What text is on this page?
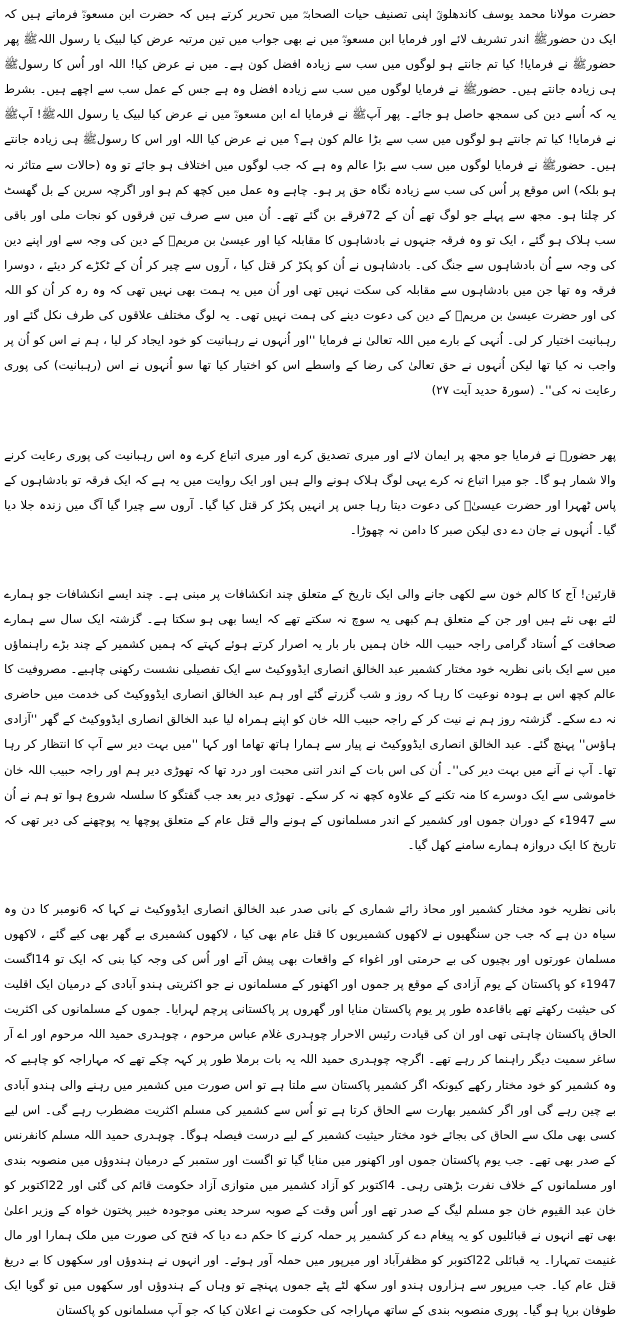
حضرت مولانا محمد یوسف کاندھلویؒ اپنی تصنیف حیات الصحابہؓ میں تحریر کرتے ہیں کہ حضرت ابن مسعودؓ فرماتے ہیں کہ ایک دن حضورﷺ اندر تشریف لائے اور فرمایا ابن مسعودؓ میں نے بھی جواب میں تین مرتبہ عرض کیا لبیک یا رسول اللہﷺ پھر حضورﷺ نے فرمایا! کیا تم جانتے ہو لوگوں میں سب سے زیادہ افضل کون ہے۔ میں نے عرض کیا! اللہ اور اُس کا رسولﷺ ہی زیادہ جانتے ہیں۔ حضورﷺ نے فرمایا لوگوں میں سب سے زیادہ افضل وہ ہے جس کے عمل سب سے اچھے ہیں۔ بشرط یہ کہ اُسے دین کی سمجھ حاصل ہو جائے۔ پھر آپﷺ نے فرمایا اے ابن مسعودؓ میں نے عرض کیا لبیک یا رسول اللہﷺ! آپﷺ نے فرمایا! کیا تم جانتے ہو لوگوں میں سب سے بڑا عالم کون ہے؟ میں نے عرض کیا اللہ اور اس کا رسولﷺ ہی زیادہ جانتے ہیں۔ حضورﷺ نے فرمایا لوگوں میں سب سے بڑا عالم وہ ہے کہ جب لوگوں میں اختلاف ہو جائے تو وہ (حالات سے متاثر نہ ہو بلکہ) اس موقع پر اُس کی سب سے زیادہ نگاہ حق پر ہو۔ چاہے وہ عمل میں کچھ کم ہو اور اگرچہ سرین کے بل گھسٹ کر چلتا ہو۔ مجھ سے پہلے جو لوگ تھے اُن کے 72فرقے بن گئے تھے۔ اُن میں سے صرف تین فرقوں کو نجات ملی اور باقی سب ہلاک ہو گئے ، ایک تو وہ فرقہ جنہوں نے بادشاہوں کا مقابلہ کیا اور عیسیٰ بن مریمؑ کے دین کی وجہ سے اور اپنے دین کی وجہ سے اُن بادشاہوں سے جنگ کی۔ بادشاہوں نے اُن کو پکڑ کر قتل کیا ، آروں سے چیر کر اُن کے ٹکڑے کر دیئے ، دوسرا فرقہ وہ تھا جن میں بادشاہوں سے مقابلہ کی سکت نہیں تھی اور اُن میں یہ ہمت بھی نہیں تھی کہ وہ رہ کر اُن کو اللہ کی اور حضرت عیسیٰ بن مریمؑ کے دین کی دعوت دینے کی ہمت نہیں تھی۔ یہ لوگ مختلف علاقوں کی طرف نکل گئے اور رہبانیت اختیار کر لی۔ اُنہی کے بارے میں اللہ تعالیٰ نے فرمایا ''اور اُنہوں نے رہبانیت کو خود ایجاد کر لیا ، ہم نے اس کو اُن پر واجب نہ کیا تھا لیکن اُنہوں نے حق تعالیٰ کی رضا کے واسطے اس کو اختیار کیا تھا سو اُنہوں نے اس (رہبانیت) کی پوری رعایت نہ کی''۔ (سورۃ حدید آیت ۲۷)

پھر حضورﷺ نے فرمایا جو مجھ پر ایمان لائے اور میری تصدیق کرے اور میری اتباع کرے وہ اس رہبانیت کی پوری رعایت کرنے والا شمار ہو گا۔ جو میرا اتباع نہ کرے یہی لوگ ہلاک ہونے والے ہیں اور ایک روایت میں یہ ہے کہ ایک فرقہ تو بادشاہوں کے پاس ٹھہرا اور حضرت عیسیٰؑ کی دعوت دیتا رہا جس پر انہیں پکڑ کر قتل کیا گیا۔ آروں سے چیرا گیا آگ میں زندہ جلا دیا گیا۔ اُنہوں نے جان دے دی لیکن صبر کا دامن نہ چھوڑا۔

قارئین! آج کا کالم خون سے لکھی جانے والی ایک تاریخ کے متعلق چند انکشافات پر مبنی ہے۔ چند ایسے انکشافات جو ہمارے لئے بھی نئے ہیں اور جن کے متعلق ہم کبھی یہ سوچ نہ سکتے تھے کہ ایسا بھی ہو سکتا ہے۔ گزشتہ ایک سال سے ہمارے صحافت کے اُستاد گرامی راجہ حبیب اللہ خان ہمیں بار بار یہ اصرار کرتے ہوئے کہتے کہ ہمیں کشمیر کے چند بڑے راہنماؤں میں سے ایک بانی نظریہ خود مختار کشمیر عبد الخالق انصاری ایڈووکیٹ سے ایک تفصیلی نشست رکھنی چاہیے۔ مصروفیت کا عالم کچھ اس بے ہودہ نوعیت کا رہا کہ روز و شب گزرتے گئے اور ہم عبد الخالق انصاری ایڈووکیٹ کی خدمت میں حاضری نہ دے سکے۔ گزشتہ روز ہم نے نیت کر کے راجہ حبیب اللہ خان کو اپنے ہمراہ لیا عبد الخالق انصاری ایڈووکیٹ کے گھر ''آزادی ہاؤس'' پہنچ گئے۔ عبد الخالق انصاری ایڈووکیٹ نے پیار سے ہمارا ہاتھ تھاما اور کہا ''میں بہت دیر سے آپ کا انتظار کر رہا تھا۔ آپ نے آنے میں بہت دیر کی''۔ اُن کی اس بات کے اندر اتنی محبت اور درد تھا کہ تھوڑی دیر ہم اور راجہ حبیب اللہ خان خاموشی سے ایک دوسرے کا منہ تکنے کے علاوہ کچھ نہ کر سکے۔ تھوڑی دیر بعد جب گفتگو کا سلسلہ شروع ہوا تو ہم نے اُن سے 1947ء کے دوران جموں اور کشمیر کے اندر مسلمانوں کے ہونے والے قتل عام کے متعلق پوچھا یہ پوچھنے کی دیر تھی کہ تاریخ کا ایک دروازہ ہمارے سامنے کھل گیا۔

بانی نظریہ خود مختار کشمیر اور محاذ رائے شماری کے بانی صدر عبد الخالق انصاری ایڈووکیٹ نے کہا کہ 6نومبر کا دن وہ سیاہ دن ہے کہ جب جن سنگھیوں نے لاکھوں کشمیریوں کا قتل عام بھی کیا ، لاکھوں کشمیری بے گھر بھی کیے گئے ، لاکھوں مسلمان عورتوں اور بچیوں کی بے حرمتی اور اغواء کے واقعات بھی پیش آئے اور اُس کی وجہ کیا بنی کہ ایک تو 14اگست 1947ء کو پاکستان کے یوم آزادی کے موقع پر جموں اور اکھنور کے مسلمانوں نے جو اکثریتی ہندو آبادی کے درمیان ایک اقلیت کی حیثیت رکھتے تھے باقاعدہ طور پر یوم پاکستان منایا اور گھروں پر پاکستانی پرچم لہرایا۔ جموں کے مسلمانوں کی اکثریت الحاق پاکستان چاہتی تھی اور ان کی قیادت رئیس الاحرار چوہدری غلام عباس مرحوم ، چوہدری حمید اللہ مرحوم اور اے آر ساغر سمیت دیگر راہنما کر رہے تھے۔ اگرچہ چوہدری حمید اللہ یہ بات برملا طور پر کہہ چکے تھے کہ مہاراجہ کو چاہیے کہ وہ کشمیر کو خود مختار رکھے کیونکہ اگر کشمیر پاکستان سے ملتا ہے تو اس صورت میں کشمیر میں رہنے والی ہندو آبادی بے چین رہے گی اور اگر کشمیر بھارت سے الحاق کرتا ہے تو اُس سے کشمیر کی مسلم اکثریت مضطرب رہے گی۔ اس لیے کسی بھی ملک سے الحاق کی بجائے خود مختار حیثیت کشمیر کے لیے درست فیصلہ ہوگا۔ چوہدری حمید اللہ مسلم کانفرنس کے صدر بھی تھے۔ جب یوم پاکستان جموں اور اکھنور میں منایا گیا تو اگست اور ستمبر کے درمیان ہندوؤں میں منصوبہ بندی اور مسلمانوں کے خلاف نفرت بڑھتی رہی۔ 4اکتوبر کو آزاد کشمیر میں متوازی آزاد حکومت قائم کی گئی اور 22اکتوبر کو خان عبد القیوم خان جو مسلم لیگ کے صدر تھے اور اُس وقت کے صوبہ سرحد یعنی موجودہ خیبر پختون خواہ کے وزیر اعلیٰ بھی تھے انہوں نے قبائلیوں کو یہ پیغام دے کر کشمیر پر حملہ کرنے کا حکم دے دیا کہ فتح کی صورت میں ملک ہمارا اور مال غنیمت تمہارا۔ یہ قبائلی 22اکتوبر کو مظفرآباد اور میرپور میں حملہ آور ہوئے۔ اور انہوں نے ہندوؤں اور سکھوں کا بے دریغ قتل عام کیا۔ جب میرپور سے ہزاروں ہندو اور سکھ لٹے پٹے جموں پہنچے تو وہاں کے ہندوؤں اور سکھوں میں تو گویا ایک طوفان برپا ہو گیا۔ پوری منصوبہ بندی کے ساتھ مہاراجہ کی حکومت نے اعلان کیا کہ جو آپ مسلمانوں کو پاکستان
